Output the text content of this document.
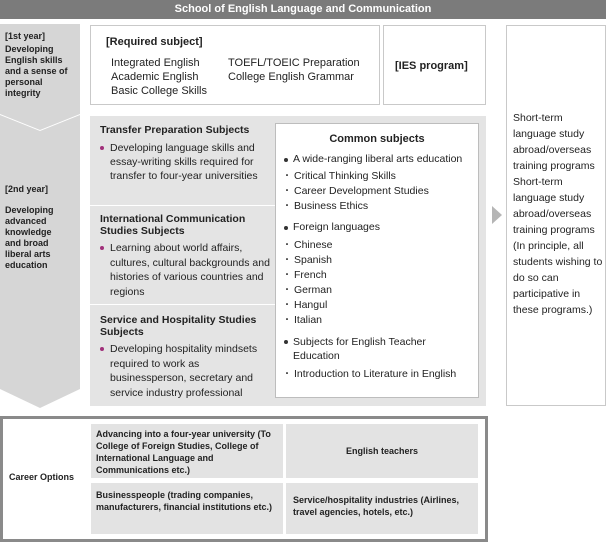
School of English Language and Communication
[1st year]
Developing
English skills
and a sense of
personal
integrity
[2nd year]
Developing
advanced
knowledge
and broad
liberal arts
education
[Required subject]
Integrated English
Academic English
Basic College Skills
TOEFL/TOEIC Preparation
College English Grammar
[IES program]
Transfer Preparation Subjects
Developing language skills and essay-writing skills required for transfer to four-year universities
International Communication Studies Subjects
Learning about world affairs, cultures, cultural backgrounds and histories of various countries and regions
Service and Hospitality Studies Subjects
Developing hospitality mindsets required to work as businessperson, secretary and service industry professional
Common subjects
A wide-ranging liberal arts education
・ Critical Thinking Skills
・ Career Development Studies
・ Business Ethics
Foreign languages
・ Chinese
・ Spanish
・ French
・ German
・ Hangul
・ Italian
Subjects for English Teacher Education
・ Introduction to Literature in English
Short-term language study abroad/overseas training programs Short-term language study abroad/overseas training programs (In principle, all students wishing to do so can participative in these programs.)
Career Options
Advancing into a four-year university (To College of Foreign Studies, College of International Language and Communications etc.)
English teachers
Businesspeople (trading companies, manufacturers, financial institutions etc.)
Service/hospitality industries (Airlines, travel agencies, hotels, etc.)
